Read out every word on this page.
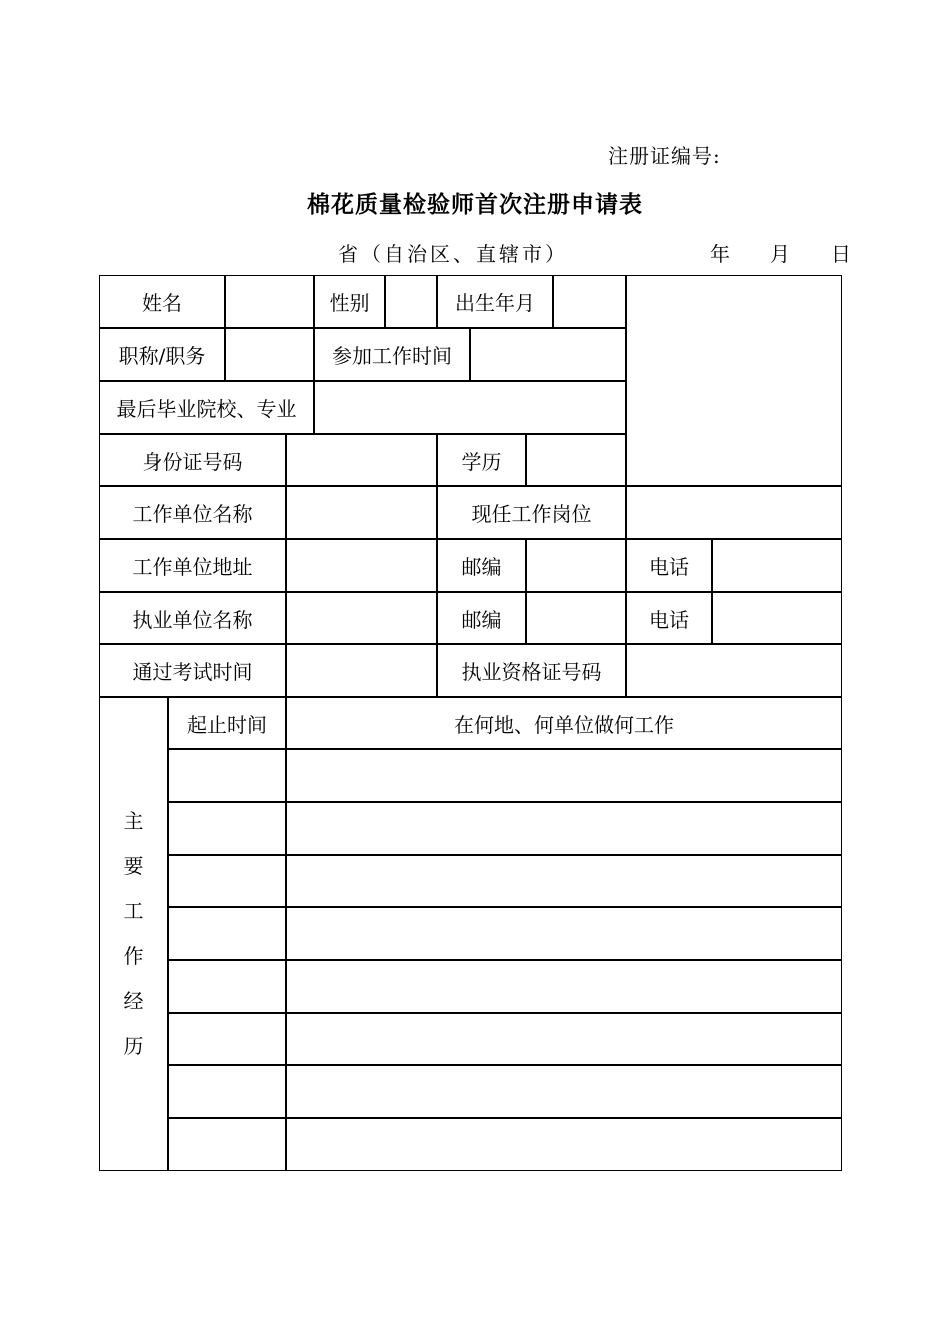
注册证编号:
棉花质量检验师首次注册申请表
省（自治区、直辖市）	年 月 日
姓名	性别	出生年月
职称/职务	参加工作时间
最后毕业院校、专业
身份证号码	学历
工作单位名称	现任工作岗位
工作单位地址	邮编	电话
执业单位名称	邮编	电话
通过考试时间	执业资格证号码
主
要
工
作
经
历
起止时间	在何地、何单位做何工作
